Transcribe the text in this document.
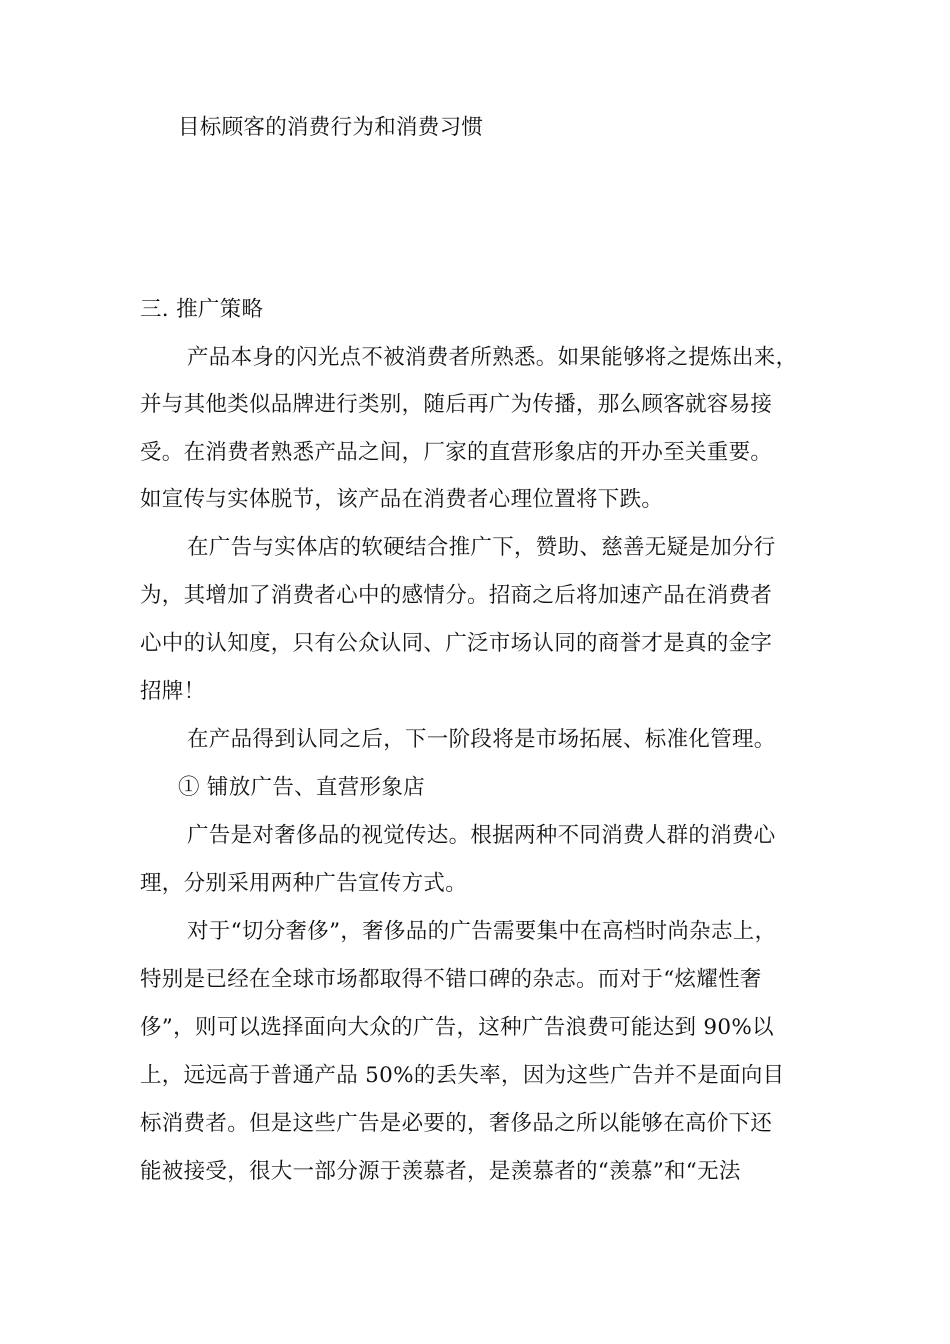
目标顾客的消费行为和消费习惯
三. 推广策略
产品本身的闪光点不被消费者所熟悉。如果能够将之提炼出来，
并与其他类似品牌进行类别，随后再广为传播，那么顾客就容易接
受。在消费者熟悉产品之间，厂家的直营形象店的开办至关重要。
如宣传与实体脱节，该产品在消费者心理位置将下跌。
在广告与实体店的软硬结合推广下，赞助、慈善无疑是加分行
为，其增加了消费者心中的感情分。招商之后将加速产品在消费者
心中的认知度，只有公众认同、广泛市场认同的商誉才是真的金字
招牌！
在产品得到认同之后，下一阶段将是市场拓展、标准化管理。
① 铺放广告、直营形象店
广告是对奢侈品的视觉传达。根据两种不同消费人群的消费心
理，分别采用两种广告宣传方式。
对于“切分奢侈”，奢侈品的广告需要集中在高档时尚杂志上，
特别是已经在全球市场都取得不错口碑的杂志。而对于“炫耀性奢
侈”，则可以选择面向大众的广告，这种广告浪费可能达到 90%以
上，远远高于普通产品 50%的丢失率，因为这些广告并不是面向目
标消费者。但是这些广告是必要的，奢侈品之所以能够在高价下还
能被接受，很大一部分源于羡慕者，是羡慕者的“羡慕”和“无法
